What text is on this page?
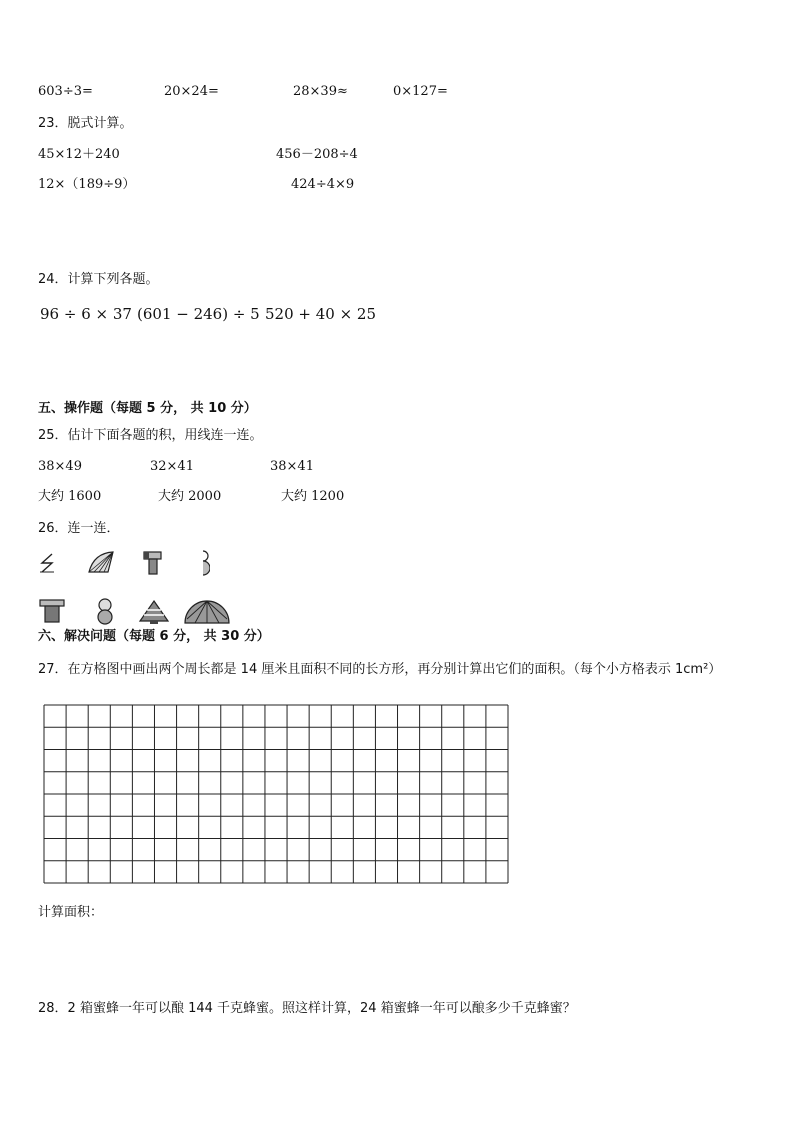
603÷3=	20×24=	28×39≈	0×127=
23．脱式计算。
45×12＋240	456－208÷4
12×（189÷9）	424÷4×9
24．计算下列各题。
96 ÷ 6 × 37 (601 − 246) ÷ 5 520 + 40 × 25
五、操作题（每题 5 分， 共 10 分）
25．估计下面各题的积，用线连一连。
38×49	32×41	38×41
大约 1600	大约 2000	大约 1200
26．连一连．
六、解决问题（每题 6 分， 共 30 分）
27．在方格图中画出两个周长都是 14 厘米且面积不同的长方形，再分别计算出它们的面积。（每个小方格表示 1cm²）
计算面积：
28．2 箱蜜蜂一年可以酿 144 千克蜂蜜。照这样计算，24 箱蜜蜂一年可以酿多少千克蜂蜜？
